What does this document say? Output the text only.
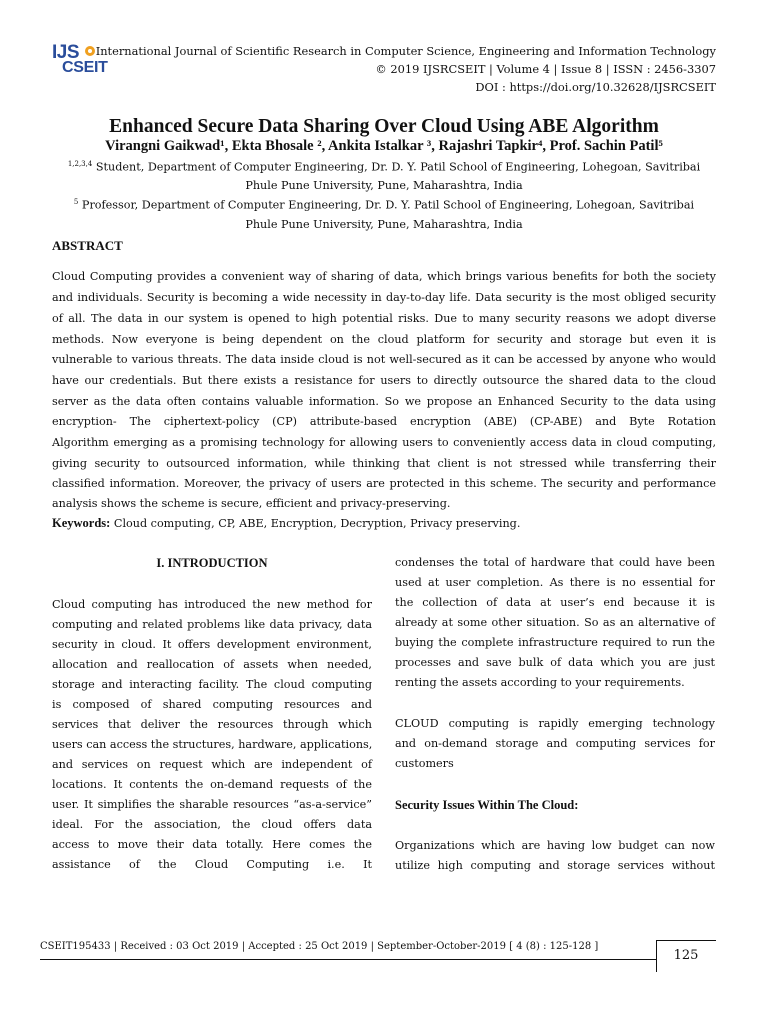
IJS
CSEIT
International Journal of Scientific Research in Computer Science, Engineering and Information Technology
© 2019 IJSRCSEIT | Volume 4 | Issue 8 | ISSN : 2456-3307
DOI : https://doi.org/10.32628/IJSRCSEIT
Enhanced Secure Data Sharing Over Cloud Using ABE Algorithm
Virangni Gaikwad¹, Ekta Bhosale ², Ankita Istalkar ³, Rajashri Tapkir⁴, Prof. Sachin Patil⁵
$^{1,2,3,4}$ Student, Department of Computer Engineering, Dr. D. Y. Patil School of Engineering, Lohegoan, Savitribai
Phule Pune University, Pune, Maharashtra, India
$^5$ Professor, Department of Computer Engineering, Dr. D. Y. Patil School of Engineering, Lohegoan, Savitribai
Phule Pune University, Pune, Maharashtra, India
ABSTRACT
Cloud Computing provides a convenient way of sharing of data, which brings various benefits for both the society
and individuals. Security is becoming a wide necessity in day-to-day life. Data security is the most obliged security
of all. The data in our system is opened to high potential risks. Due to many security reasons we adopt diverse
methods. Now everyone is being dependent on the cloud platform for security and storage but even it is
vulnerable to various threats. The data inside cloud is not well-secured as it can be accessed by anyone who would
have our credentials. But there exists a resistance for users to directly outsource the shared data to the cloud
server as the data often contains valuable information. So we propose an Enhanced Security to the data using
encryption- The ciphertext-policy (CP) attribute-based encryption (ABE) (CP-ABE) and Byte Rotation
Algorithm emerging as a promising technology for allowing users to conveniently access data in cloud computing,
giving security to outsourced information, while thinking that client is not stressed while transferring their
classified information. Moreover, the privacy of users are protected in this scheme. The security and performance
analysis shows the scheme is secure, efficient and privacy-preserving.
Keywords: Cloud computing, CP, ABE, Encryption, Decryption, Privacy preserving.
I. INTRODUCTION
Cloud computing has introduced the new method for
computing and related problems like data privacy, data
security in cloud. It offers development environment,
allocation and reallocation of assets when needed,
storage and interacting facility. The cloud computing
is composed of shared computing resources and
services that deliver the resources through which
users can access the structures, hardware, applications,
and services on request which are independent of
locations. It contents the on-demand requests of the
user. It simplifies the sharable resources “as-a-service”
ideal. For the association, the cloud offers data
access to move their data totally. Here comes the
assistance of the Cloud Computing i.e. It
condenses the total of hardware that could have been
used at user completion. As there is no essential for
the collection of data at user’s end because it is
already at some other situation. So as an alternative of
buying the complete infrastructure required to run the
processes and save bulk of data which you are just
renting the assets according to your requirements.
CLOUD computing is rapidly emerging technology
and on-demand storage and computing services for
customers
Security Issues Within The Cloud:
Organizations which are having low budget can now
utilize high computing and storage services without
CSEIT195433 | Received : 03 Oct 2019 | Accepted : 25 Oct 2019 | September-October-2019 [ 4 (8) : 125-128 ]
125
